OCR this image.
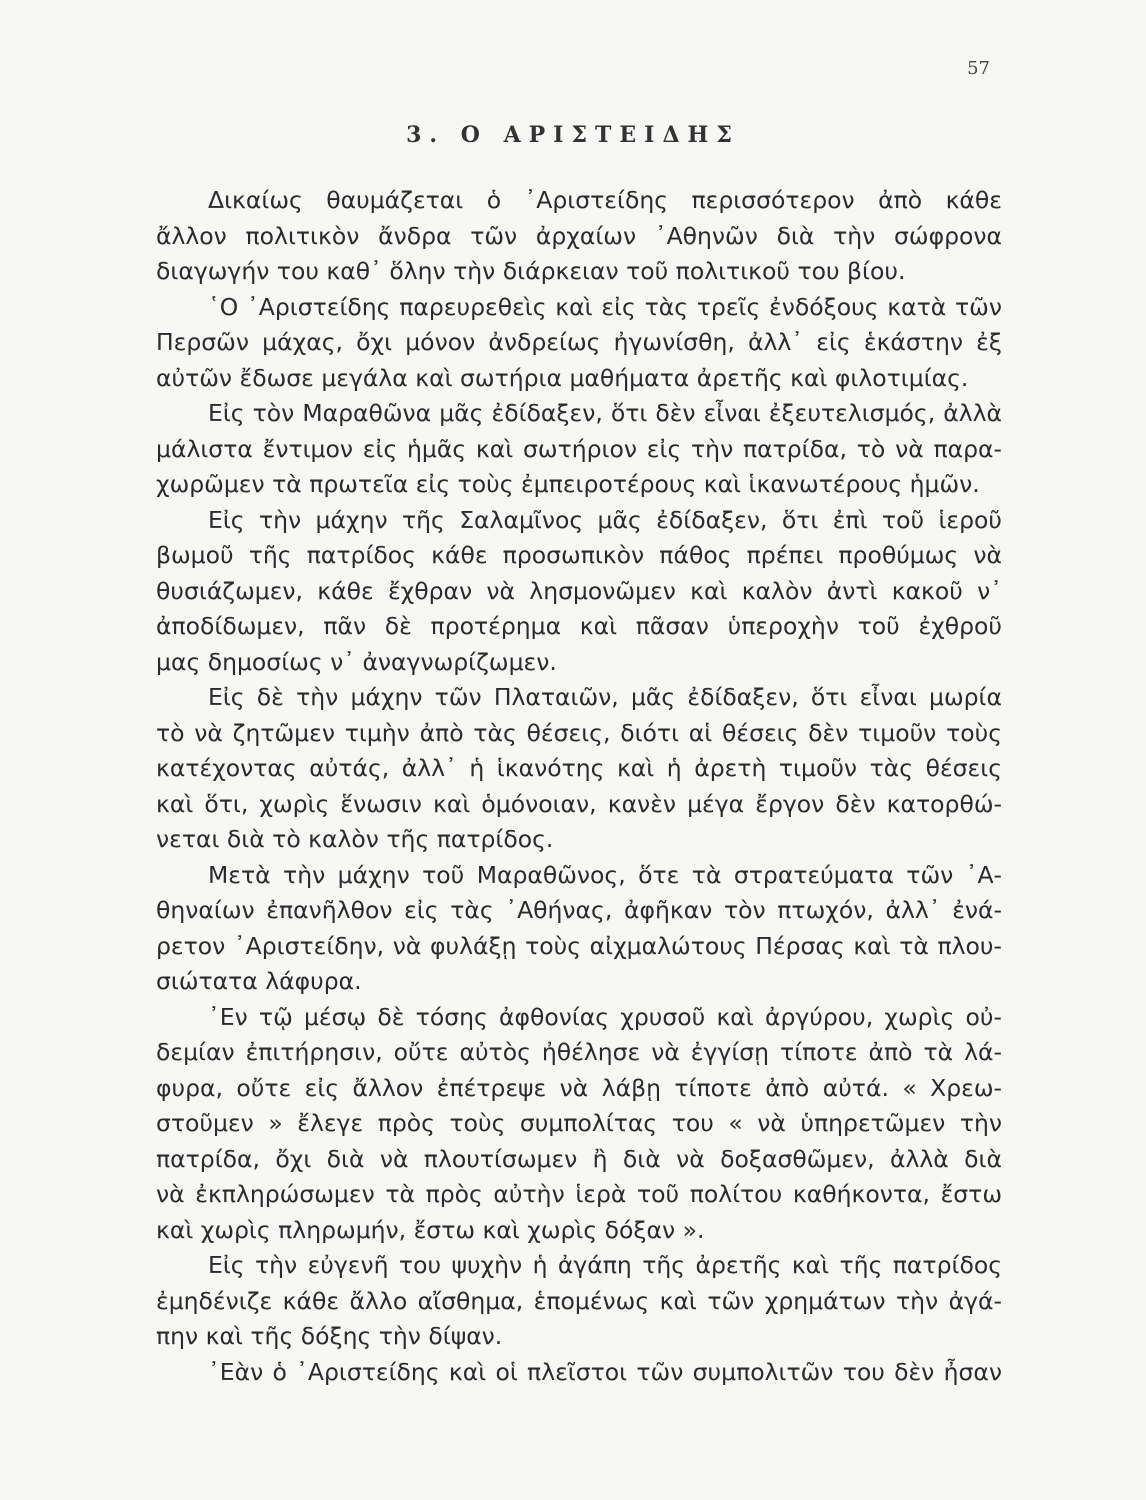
57
3. Ο ΑΡΙΣΤΕΙΔΗΣ

Δικαίως θαυμάζεται ὁ ᾿Αριστείδης περισσότερον ἀπὸ κάθε

ἄλλον πολιτικὸν ἄνδρα τῶν ἀρχαίων ᾿Αθηνῶν διὰ τὴν σώφρονα

διαγωγήν του καθ᾿ ὅλην τὴν διάρκειαν τοῦ πολιτικοῦ του βίου.

῾Ο ᾿Αριστείδης παρευρεθεὶς καὶ εἰς τὰς τρεῖς ἐνδόξους κατὰ τῶν

Περσῶν μάχας, ὄχι μόνον ἀνδρείως ἠγωνίσθη, ἀλλ᾿ εἰς ἑκάστην ἐξ

αὐτῶν ἔδωσε μεγάλα καὶ σωτήρια μαθήματα ἀρετῆς καὶ φιλοτιμίας.

Εἰς τὸν Μαραθῶνα μᾶς ἐδίδαξεν, ὅτι δὲν εἶναι ἐξευτελισμός, ἀλλὰ

μάλιστα ἔντιμον εἰς ἡμᾶς καὶ σωτήριον εἰς τὴν πατρίδα, τὸ νὰ παρα-

χωρῶμεν τὰ πρωτεῖα εἰς τοὺς ἐμπειροτέρους καὶ ἱκανωτέρους ἡμῶν.

Εἰς τὴν μάχην τῆς Σαλαμῖνος μᾶς ἐδίδαξεν, ὅτι ἐπὶ τοῦ ἱεροῦ

βωμοῦ τῆς πατρίδος κάθε προσωπικὸν πάθος πρέπει προθύμως νὰ

θυσιάζωμεν, κάθε ἔχθραν νὰ λησμονῶμεν καὶ καλὸν ἀντὶ κακοῦ ν᾿

ἀποδίδωμεν, πᾶν δὲ προτέρημα καὶ πᾶσαν ὑπεροχὴν τοῦ ἐχθροῦ

μας δημοσίως ν᾿ ἀναγνωρίζωμεν.

Εἰς δὲ τὴν μάχην τῶν Πλαταιῶν, μᾶς ἐδίδαξεν, ὅτι εἶναι μωρία

τὸ νὰ ζητῶμεν τιμὴν ἀπὸ τὰς θέσεις, διότι αἱ θέσεις δὲν τιμοῦν τοὺς

κατέχοντας αὐτάς, ἀλλ᾿ ἡ ἱκανότης καὶ ἡ ἀρετὴ τιμοῦν τὰς θέσεις

καὶ ὅτι, χωρὶς ἕνωσιν καὶ ὁμόνοιαν, κανὲν μέγα ἔργον δὲν κατορθώ-

νεται διὰ τὸ καλὸν τῆς πατρίδος.

Μετὰ τὴν μάχην τοῦ Μαραθῶνος, ὅτε τὰ στρατεύματα τῶν ᾿Α-

θηναίων ἐπανῆλθον εἰς τὰς ᾿Αθήνας, ἀφῆκαν τὸν πτωχόν, ἀλλ᾿ ἐνά-

ρετον ᾿Αριστείδην, νὰ φυλάξῃ τοὺς αἰχμαλώτους Πέρσας καὶ τὰ πλου-

σιώτατα λάφυρα.

᾿Εν τῷ μέσῳ δὲ τόσης ἀφθονίας χρυσοῦ καὶ ἀργύρου, χωρὶς οὐ-

δεμίαν ἐπιτήρησιν, οὔτε αὐτὸς ἠθέλησε νὰ ἐγγίσῃ τίποτε ἀπὸ τὰ λά-

φυρα, οὔτε εἰς ἄλλον ἐπέτρεψε νὰ λάβῃ τίποτε ἀπὸ αὐτά. « Χρεω-

στοῦμεν » ἔλεγε πρὸς τοὺς συμπολίτας του « νὰ ὑπηρετῶμεν τὴν

πατρίδα, ὄχι διὰ νὰ πλουτίσωμεν ἢ διὰ νὰ δοξασθῶμεν, ἀλλὰ διὰ

νὰ ἐκπληρώσωμεν τὰ πρὸς αὐτὴν ἱερὰ τοῦ πολίτου καθήκοντα, ἔστω

καὶ χωρὶς πληρωμήν, ἔστω καὶ χωρὶς δόξαν ».

Εἰς τὴν εὐγενῆ του ψυχὴν ἡ ἀγάπη τῆς ἀρετῆς καὶ τῆς πατρίδος

ἐμηδένιζε κάθε ἄλλο αἴσθημα, ἑπομένως καὶ τῶν χρημάτων τὴν ἀγά-

πην καὶ τῆς δόξης τὴν δίψαν.

᾿Εὰν ὁ ᾿Αριστείδης καὶ οἱ πλεῖστοι τῶν συμπολιτῶν του δὲν ἦσαν
